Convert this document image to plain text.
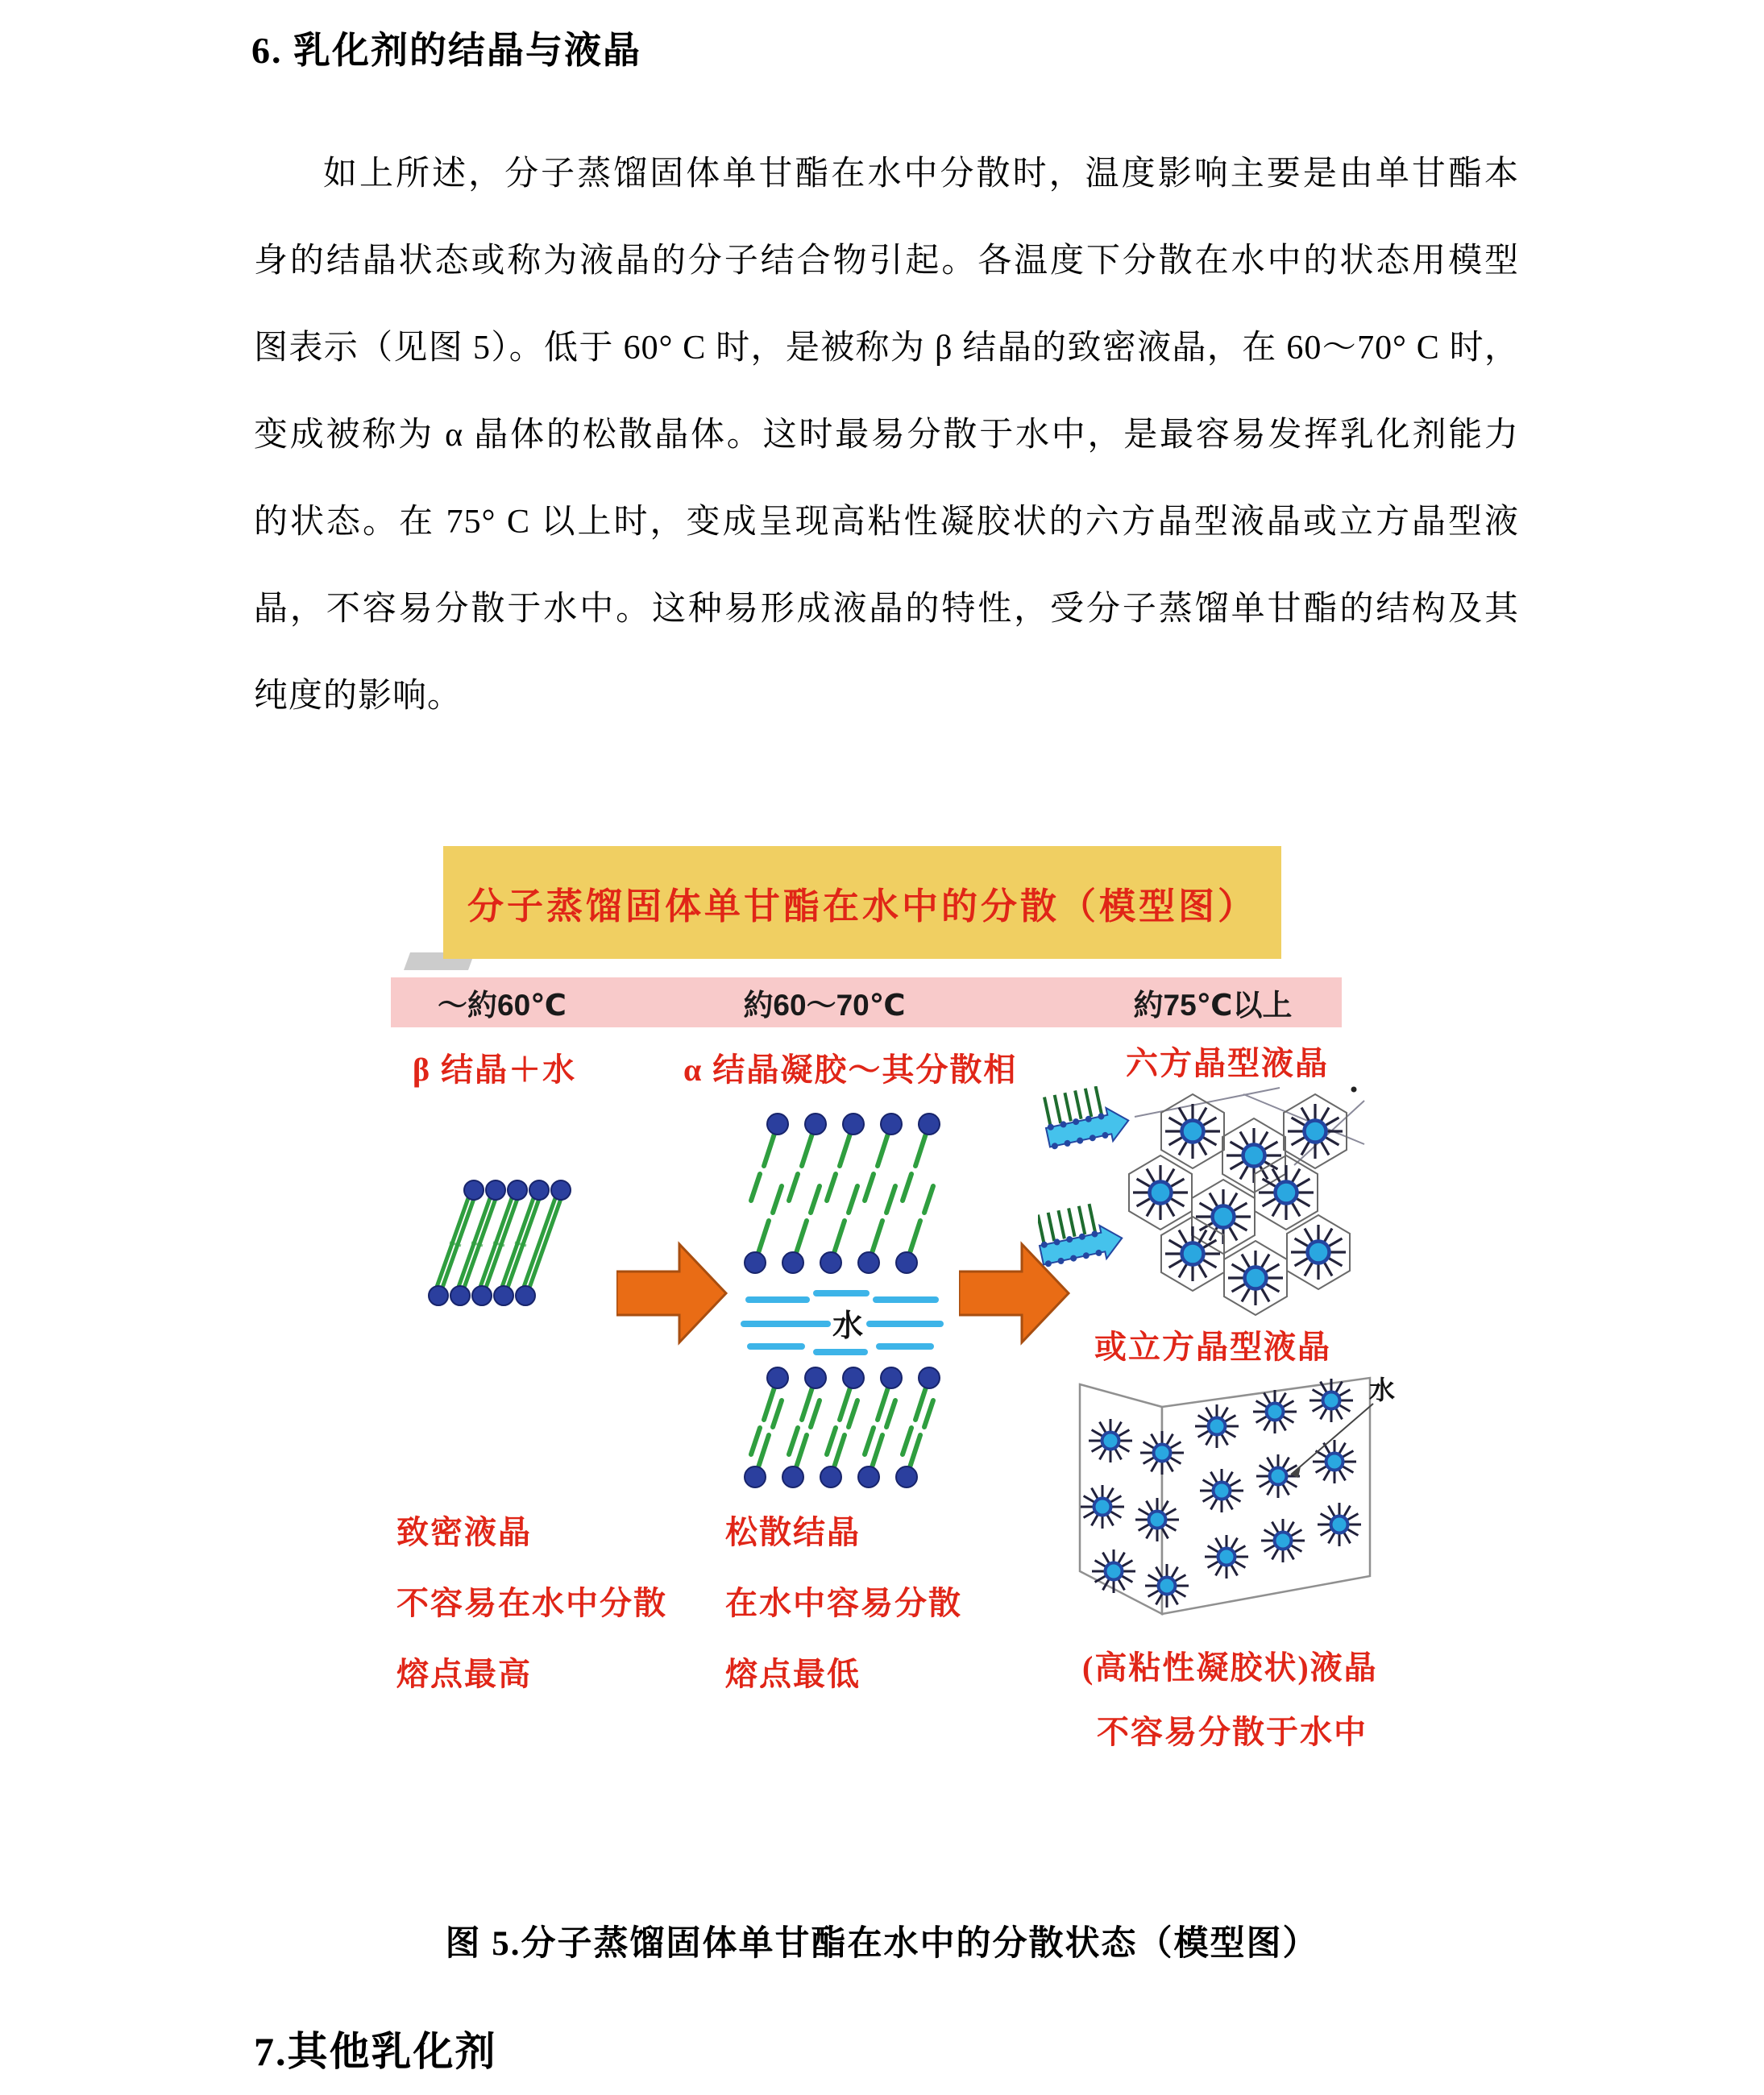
6. 乳化剂的结晶与液晶
如上所述，分子蒸馏固体单甘酯在水中分散时，温度影响主要是由单甘酯本
身的结晶状态或称为液晶的分子结合物引起。各温度下分散在水中的状态用模型
图表示（见图 5）。低于 60° C 时，是被称为 β 结晶的致密液晶，在 60～70° C 时，
变成被称为 α 晶体的松散晶体。这时最易分散于水中，是最容易发挥乳化剂能力
的状态。在 75° C 以上时，变成呈现高粘性凝胶状的六方晶型液晶或立方晶型液
晶，不容易分散于水中。这种易形成液晶的特性，受分子蒸馏单甘酯的结构及其
纯度的影响。
分子蒸馏固体单甘酯在水中的分散（模型图）
～約60℃	約60～70℃	約75℃以上
β 结晶＋水	α 结晶凝胶～其分散相	六方晶型液晶
水
或立方晶型液晶
水
致密液晶
不容易在水中分散
熔点最高
松散结晶
在水中容易分散
熔点最低	(高粘性凝胶状)液晶
不容易分散于水中
图 5.分子蒸馏固体单甘酯在水中的分散状态（模型图）
7.其他乳化剂
